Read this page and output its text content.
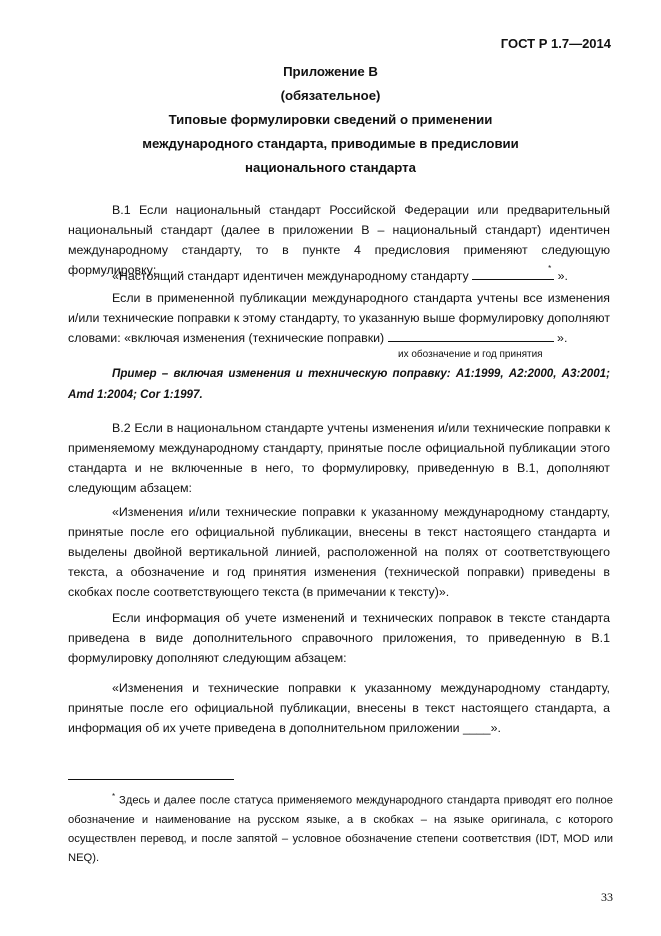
ГОСТ Р 1.7—2014
Приложение В
(обязательное)
Типовые формулировки сведений о применении
международного стандарта, приводимые в предисловии
национального стандарта
В.1 Если национальный стандарт Российской Федерации или предварительный национальный стандарт (далее в приложении В – национальный стандарт) идентичен международному стандарту, то в пункте 4 предисловия применяют следующую формулировку:
«Настоящий стандарт идентичен международному стандарту
*
».
Если в примененной публикации международного стандарта учтены все изменения и/или технические поправки к этому стандарту, то указанную выше формулировку дополняют словами: «включая изменения (технические поправки)	».
их обозначение и год принятия
Пример – включая изменения и техническую поправку: А1:1999, А2:2000, А3:2001; Amd 1:2004; Cor 1:1997.
В.2 Если в национальном стандарте учтены изменения и/или технические поправки к применяемому международному стандарту, принятые после официальной публикации этого стандарта и не включенные в него, то формулировку, приведенную в В.1, дополняют следующим абзацем:
«Изменения и/или технические поправки к указанному международному стандарту, принятые после его официальной публикации, внесены в текст настоящего стандарта и выделены двойной вертикальной линией, расположенной на полях от соответствующего текста, а обозначение и год принятия изменения (технической поправки) приведены в скобках после соответствующего текста (в примечании к тексту)».
Если информация об учете изменений и технических поправок в тексте стандарта приведена в виде дополнительного справочного приложения, то приведенную в В.1 формулировку дополняют следующим абзацем:
«Изменения и технические поправки к указанному международному стандарту, принятые после его официальной публикации, внесены в текст настоящего стандарта, а информация об их учете приведена в дополнительном приложении ____».
* Здесь и далее после статуса применяемого международного стандарта приводят его полное обозначение и наименование на русском языке, а в скобках – на языке оригинала, с которого осуществлен перевод, и после запятой – условное обозначение степени соответствия (IDT, MOD или NEQ).
33
